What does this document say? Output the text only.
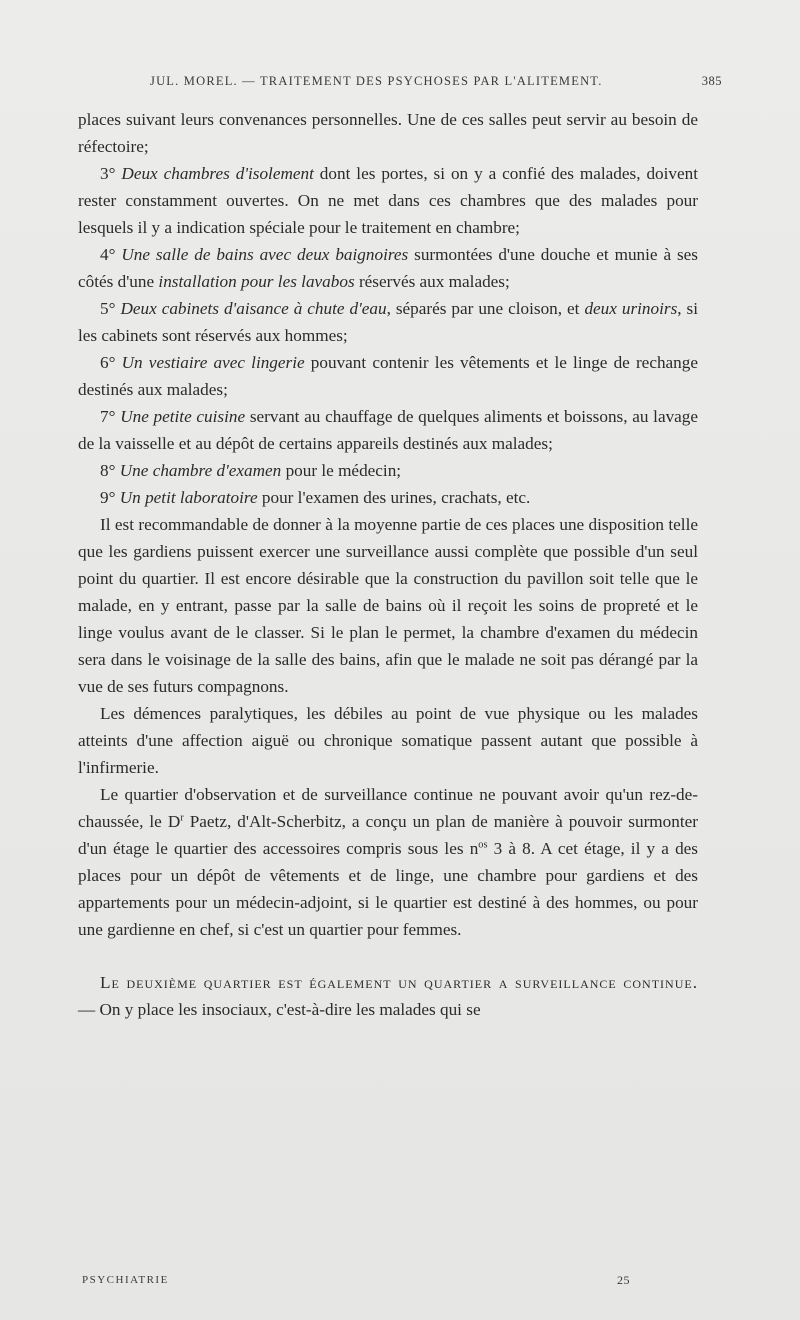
JUL. MOREL. — TRAITEMENT DES PSYCHOSES PAR L'ALITEMENT.	385

places suivant leurs convenances personnelles. Une de ces salles peut servir au besoin de réfectoire;

3° Deux chambres d'isolement dont les portes, si on y a confié des malades, doivent rester constamment ouvertes. On ne met dans ces chambres que des malades pour lesquels il y a indication spéciale pour le traitement en chambre;

4° Une salle de bains avec deux baignoires surmontées d'une douche et munie à ses côtés d'une installation pour les lavabos réservés aux malades;

5° Deux cabinets d'aisance à chute d'eau, séparés par une cloison, et deux urinoirs, si les cabinets sont réservés aux hommes;

6° Un vestiaire avec lingerie pouvant contenir les vêtements et le linge de rechange destinés aux malades;

7° Une petite cuisine servant au chauffage de quelques aliments et boissons, au lavage de la vaisselle et au dépôt de certains appareils destinés aux malades;

8° Une chambre d'examen pour le médecin;

9° Un petit laboratoire pour l'examen des urines, crachats, etc.

Il est recommandable de donner à la moyenne partie de ces places une disposition telle que les gardiens puissent exercer une surveillance aussi complète que possible d'un seul point du quartier. Il est encore désirable que la construction du pavillon soit telle que le malade, en y entrant, passe par la salle de bains où il reçoit les soins de propreté et le linge voulus avant de le classer. Si le plan le permet, la chambre d'examen du médecin sera dans le voisinage de la salle des bains, afin que le malade ne soit pas dérangé par la vue de ses futurs compagnons.

Les démences paralytiques, les débiles au point de vue physique ou les malades atteints d'une affection aiguë ou chronique somatique passent autant que possible à l'infirmerie.

Le quartier d'observation et de surveillance continue ne pouvant avoir qu'un rez-de-chaussée, le $D^r$ Paetz, d'Alt-Scherbitz, a conçu un plan de manière à pouvoir surmonter d'un étage le quartier des accessoires compris sous les $n^{os}$ 3 à 8. A cet étage, il y a des places pour un dépôt de vêtements et de linge, une chambre pour gardiens et des appartements pour un médecin-adjoint, si le quartier est destiné à des hommes, ou pour une gardienne en chef, si c'est un quartier pour femmes.

Le deuxième quartier est également un quartier a surveillance continue. — On y place les insociaux, c'est-à-dire les malades qui se

PSYCHIATRIE	25
